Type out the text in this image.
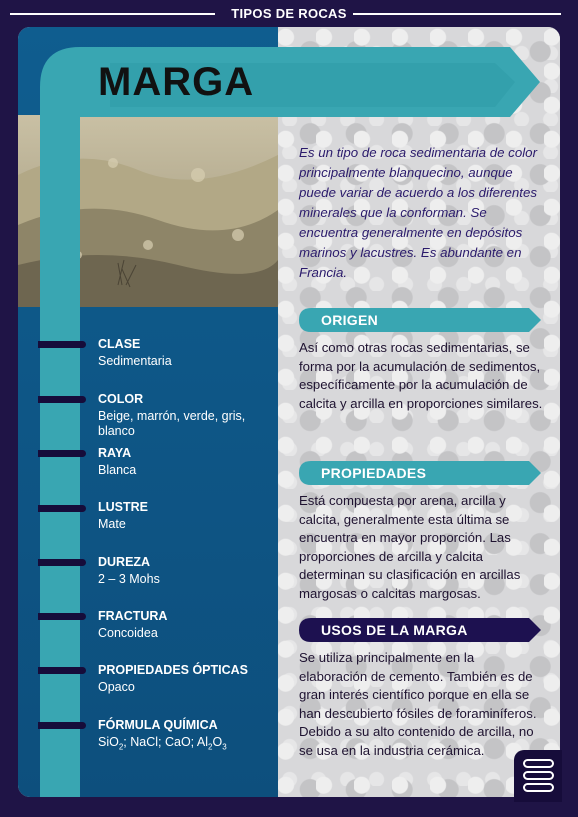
TIPOS DE ROCAS
MARGA
CLASE
Sedimentaria
COLOR
Beige, marrón, verde, gris, blanco
RAYA
Blanca
LUSTRE
Mate
DUREZA
2 – 3 Mohs
FRACTURA
Concoidea
PROPIEDADES ÓPTICAS
Opaco
FÓRMULA QUÍMICA
SiO$_2$; NaCl; CaO; $Al_2O_3$
Es un tipo de roca sedimentaria de color principalmente blanquecino, aunque puede variar de acuerdo a los diferentes minerales que la conforman. Se encuentra generalmente en depósitos marinos y lacustres. Es abundante en Francia.
ORIGEN
Así como otras rocas sedimentarias, se forma por la acumulación de sedimentos, específicamente por la acumulación de calcita y arcilla en proporciones similares.
PROPIEDADES
Está compuesta por arena, arcilla y calcita, generalmente esta última se encuentra en mayor proporción. Las proporciones de arcilla y calcita determinan su clasificación en arcillas margosas o calcitas margosas.
USOS DE LA MARGA
Se utiliza principalmente en la elaboración de cemento. También es de gran interés científico porque en ella se han descubierto fósiles de foraminíferos. Debido a su alto contenido de arcilla, no se usa en la industria cerámica.
